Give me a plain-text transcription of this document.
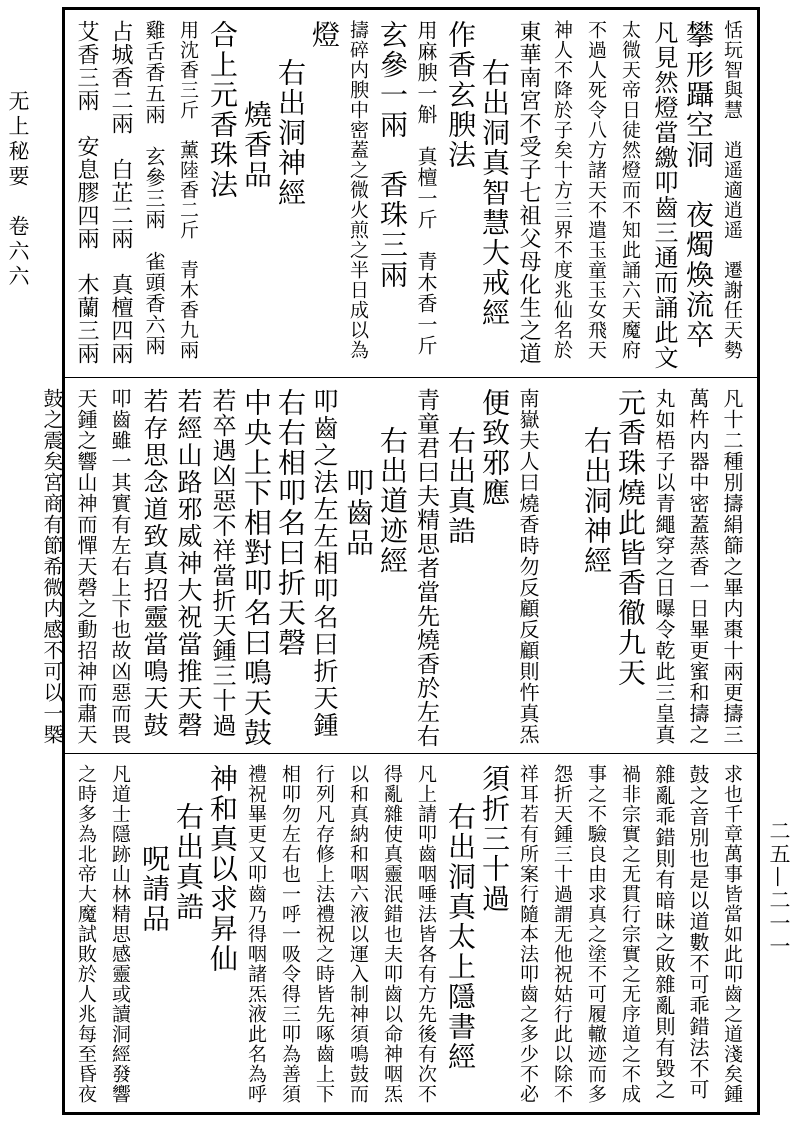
无上秘要　卷六六
二五—二一一
恬玩智與慧　逍遥適逍遥　遷謝任天勢
攀形躡空洞　夜燭煥流卒
凡見然燈當繳叩齒三通而誦此文
太微天帝日徒然燈而不知此誦六天魔府
不過人死令八方諸天不遣玉童玉女飛天
神人不降於子矣十方三界不度兆仙名於
東華南宮不受子七祖父母化生之道
右出洞真智慧大戒經
作香玄腴法
用麻腴一斛　真檀一斤　青木香一斤
玄參一兩　香珠三兩
擣碎内腴中密蓋之微火煎之半日成以為
燈
右出洞神經
燒香品
合上元香珠法
用沈香三斤　薰陸香二斤　青木香九兩
雞舌香五兩　玄參三兩　雀頭香六兩
占城香二兩　白芷二兩　真檀四兩
艾香三兩　安息膠四兩　木蘭三兩
凡十二種別擣絹篩之畢内棗十兩更擣三
萬杵内器中密蓋蒸香一日畢更蜜和擣之
丸如梧子以青繩穿之日曝令乾此三皇真
元香珠燒此皆香徹九天
右出洞神經
南嶽夫人曰燒香時勿反顧反顧則忤真炁
便致邪應
右出真誥
青童君曰夫精思者當先燒香於左右
右出道迹經
叩齒品
叩齒之法左左相叩名曰折天鍾
右右相叩名曰折天磬
中央上下相對叩名曰鳴天鼓
若卒遇凶惡不祥當折天鍾三十過
若經山路邪威神大祝當推天磬
若存思念道致真招靈當鳴天鼓
叩齒雖一其實有左右上下也故凶惡而畏
天鍾之響山神而憚天磬之動招神而肅天
鼓之震矣宮商有節希微内感不可以一槩
求也千章萬事皆當如此叩齒之道淺矣鍾
鼓之音別也是以道數不可乖錯法不可
雜亂乖錯則有暗昧之敗雜亂則有毀之
禍非宗實之无貫行宗實之无序道之不成
事之不驗良由求真之塗不可履轍迹而多
怨折天鍾三十過謂无他祝姑行此以除不
祥耳若有所案行隨本法叩齒之多少不必
須折三十過
右出洞真太上隱書經
凡上請叩齒咽唾法皆各有方先後有次不
得亂雜使真靈泯錯也夫叩齒以命神咽炁
以和真納和咽六液以運入制神須鳴鼓而
行列凡存修上法禮祝之時皆先啄齒上下
相叩勿左右也一呼一吸令得三叩為善須
禮祝畢更又叩齒乃得咽諸炁液此名為呼
神和真以求昇仙
右出真誥
呪請品
凡道士隱跡山林精思感靈或讀洞經發響
之時多為北帝大魔試敗於人兆每至昏夜
